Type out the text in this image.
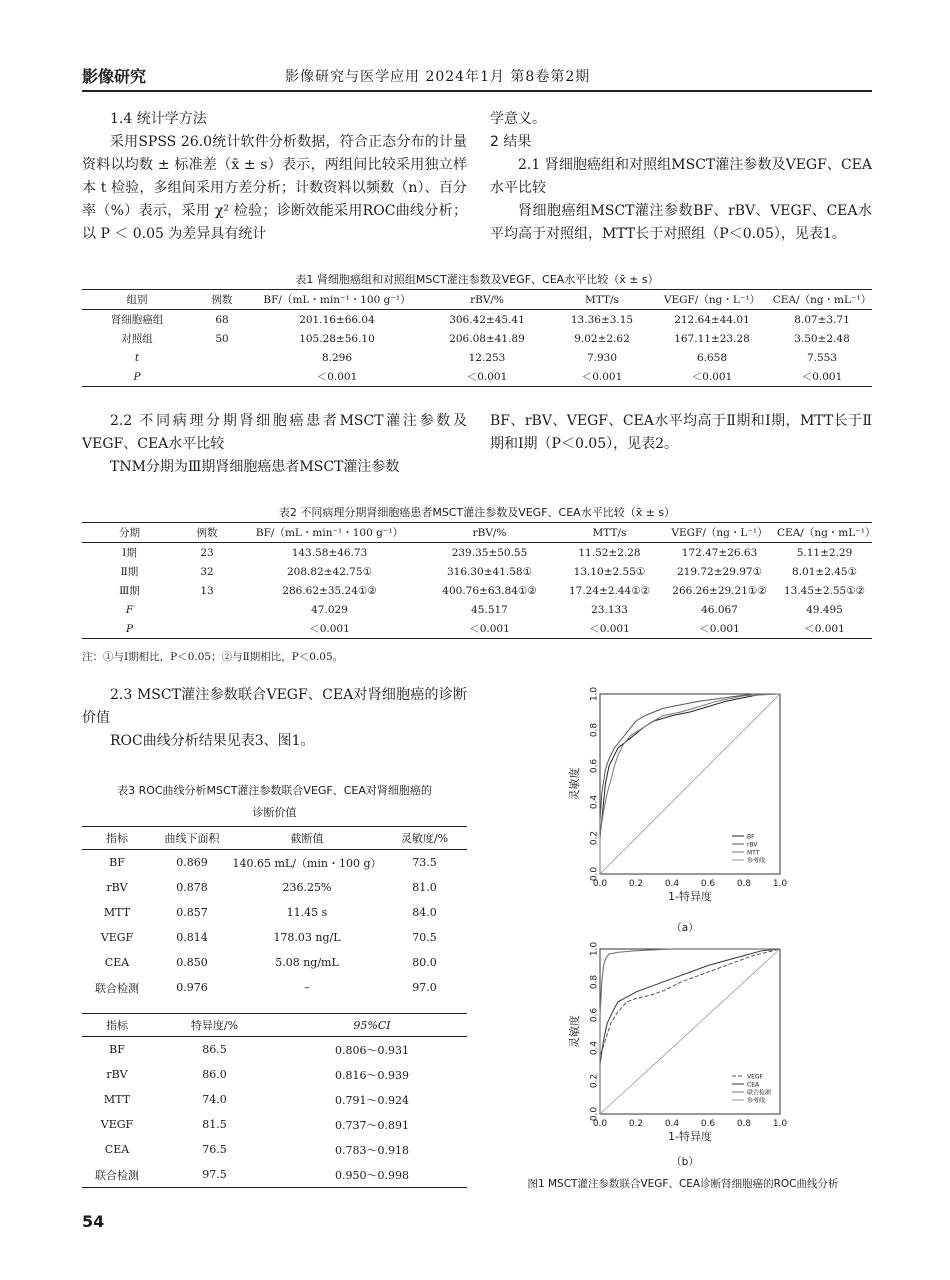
影像研究	影像研究与医学应用 2024年1月 第8卷第2期

1.4 统计学方法

采用SPSS 26.0统计软件分析数据，符合正态分布的计量资料以均数 ± 标准差（x̄ ± s）表示，两组间比较采用独立样本 t 检验，多组间采用方差分析；计数资料以频数（n）、百分率（%）表示，采用 χ² 检验；诊断效能采用ROC曲线分析；以 P ＜ 0.05 为差异具有统计

学意义。

2 结果

2.1 肾细胞癌组和对照组MSCT灌注参数及VEGF、CEA水平比较

肾细胞癌组MSCT灌注参数BF、rBV、VEGF、CEA水平均高于对照组，MTT长于对照组（P＜0.05），见表1。

表1 肾细胞癌组和对照组MSCT灌注参数及VEGF、CEA水平比较（x̄ ± s）
组别	例数	BF/（mL・min⁻¹・100 g⁻¹）	rBV/%	MTT/s	VEGF/（ng・L⁻¹）	CEA/（ng・mL⁻¹）
肾细胞癌组	68	201.16±66.04	306.42±45.41	13.36±3.15	212.64±44.01	8.07±3.71
对照组	50	105.28±56.10	206.08±41.89	9.02±2.62	167.11±23.28	3.50±2.48
t		8.296	12.253	7.930	6.658	7.553
P		＜0.001	＜0.001	＜0.001	＜0.001	＜0.001

2.2 不同病理分期肾细胞癌患者MSCT灌注参数及VEGF、CEA水平比较

TNM分期为Ⅲ期肾细胞癌患者MSCT灌注参数

BF、rBV、VEGF、CEA水平均高于Ⅱ期和Ⅰ期，MTT长于Ⅱ期和Ⅰ期（P＜0.05），见表2。

表2 不同病理分期肾细胞癌患者MSCT灌注参数及VEGF、CEA水平比较（x̄ ± s）
分期	例数	BF/（mL・min⁻¹・100 g⁻¹）	rBV/%	MTT/s	VEGF/（ng・L⁻¹）	CEA/（ng・mL⁻¹）
Ⅰ期	23	143.58±46.73	239.35±50.55	11.52±2.28	172.47±26.63	5.11±2.29
Ⅱ期	32	208.82±42.75①	316.30±41.58①	13.10±2.55①	219.72±29.97①	8.01±2.45①
Ⅲ期	13	286.62±35.24①②	400.76±63.84①②	17.24±2.44①②	266.26±29.21①②	13.45±2.55①②
F		47.029	45.517	23.133	46.067	49.495
P		＜0.001	＜0.001	＜0.001	＜0.001	＜0.001
注：①与Ⅰ期相比，P＜0.05；②与Ⅱ期相比，P＜0.05。

2.3 MSCT灌注参数联合VEGF、CEA对肾细胞癌的诊断价值

ROC曲线分析结果见表3、图1。

表3 ROC曲线分析MSCT灌注参数联合VEGF、CEA对肾细胞癌的
诊断价值
指标	曲线下面积	截断值	灵敏度/%
BF	0.869	140.65 mL/（min・100 g）	73.5
rBV	0.878	236.25%	81.0
MTT	0.857	11.45 s	84.0
VEGF	0.814	178.03 ng/L	70.5
CEA	0.850	5.08 ng/mL	80.0
联合检测	0.976	–	97.0
指标	特异度/%	95%CI
BF	86.5	0.806～0.931
rBV	86.0	0.816～0.939
MTT	74.0	0.791～0.924
VEGF	81.5	0.737～0.891
CEA	76.5	0.783～0.918
联合检测	97.5	0.950～0.998
0.0
0.0
0.2
0.2
0.4
0.4
0.6
0.6
0.8
0.8
1.0
1.0
1-特异度
灵敏度
BF
rBV
MTT
参考线
（a）
0.0
0.0
0.2
0.2
0.4
0.4
0.6
0.6
0.8
0.8
1.0
1.0
1-特异度
灵敏度
VEGF
CEA
联合检测
参考线
（b）
图1 MSCT灌注参数联合VEGF、CEA诊断肾细胞癌的ROC曲线分析
54
